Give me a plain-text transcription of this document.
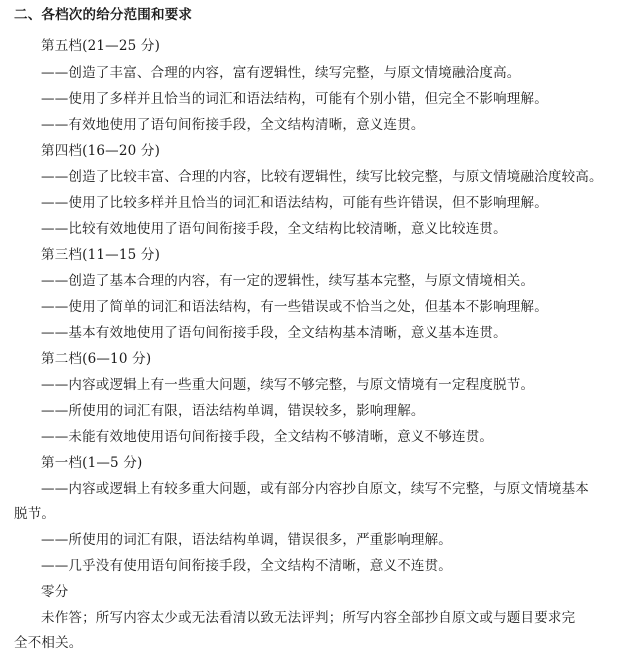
二、各档次的给分范围和要求
第五档(21—25 分)
——创造了丰富、合理的内容，富有逻辑性，续写完整，与原文情境融洽度高。
——使用了多样并且恰当的词汇和语法结构，可能有个别小错，但完全不影响理解。
——有效地使用了语句间衔接手段，全文结构清晰，意义连贯。
第四档(16—20 分)
——创造了比较丰富、合理的内容，比较有逻辑性，续写比较完整，与原文情境融洽度较高。
——使用了比较多样并且恰当的词汇和语法结构，可能有些许错误，但不影响理解。
——比较有效地使用了语句间衔接手段，全文结构比较清晰，意义比较连贯。
第三档(11—15 分)
——创造了基本合理的内容，有一定的逻辑性，续写基本完整，与原文情境相关。
——使用了简单的词汇和语法结构，有一些错误或不恰当之处，但基本不影响理解。
——基本有效地使用了语句间衔接手段，全文结构基本清晰，意义基本连贯。
第二档(6—10 分)
——内容或逻辑上有一些重大问题，续写不够完整，与原文情境有一定程度脱节。
——所使用的词汇有限，语法结构单调，错误较多，影响理解。
——未能有效地使用语句间衔接手段，全文结构不够清晰，意义不够连贯。
第一档(1—5 分)
——内容或逻辑上有较多重大问题，或有部分内容抄自原文，续写不完整，与原文情境基本
脱节。
——所使用的词汇有限，语法结构单调，错误很多，严重影响理解。
——几乎没有使用语句间衔接手段，全文结构不清晰，意义不连贯。
零分
未作答；所写内容太少或无法看清以致无法评判；所写内容全部抄自原文或与题目要求完
全不相关。
